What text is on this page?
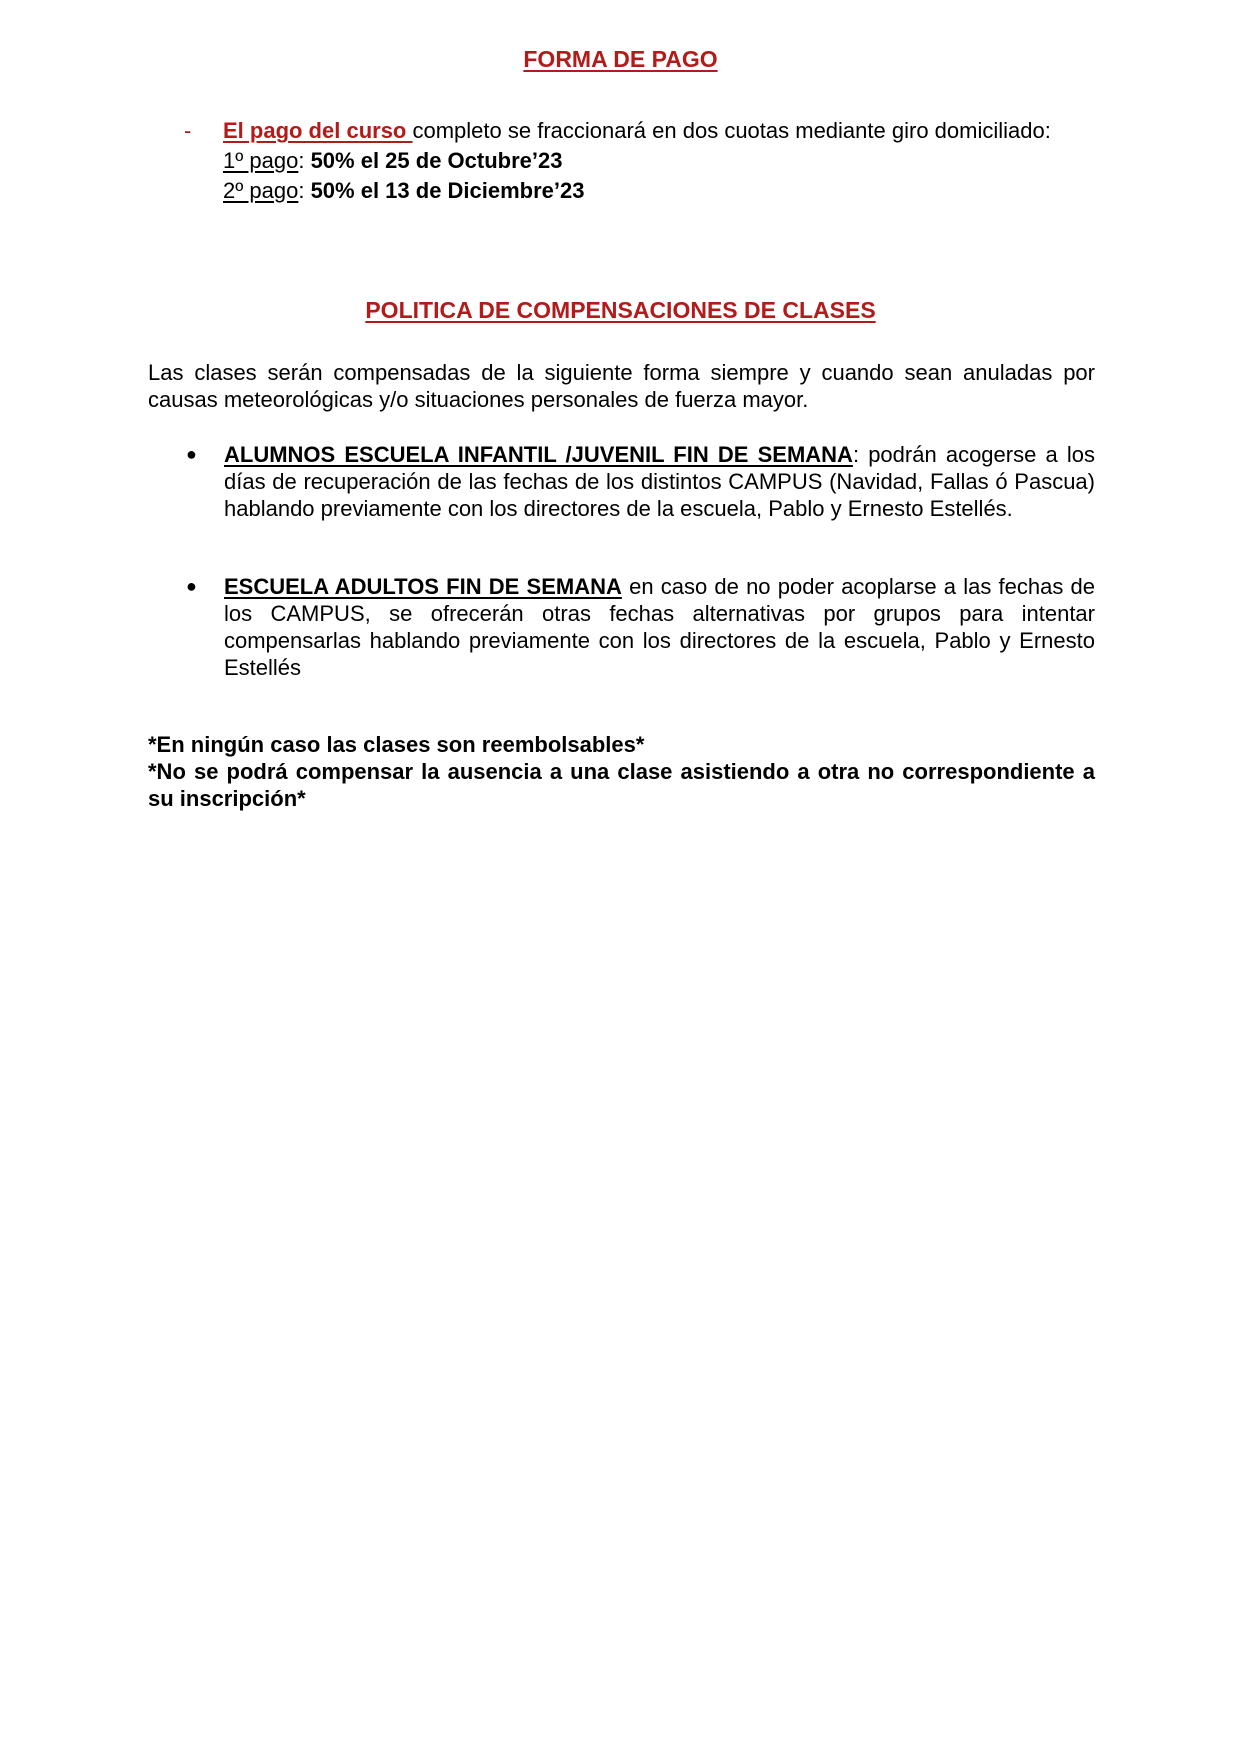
FORMA DE PAGO
- El pago del curso completo se fraccionará en dos cuotas mediante giro domiciliado:
1º pago: 50% el 25 de Octubre’23
2º pago: 50% el 13 de Diciembre’23
POLITICA DE COMPENSACIONES DE CLASES
Las clases serán compensadas de la siguiente forma siempre y cuando sean anuladas por causas meteorológicas y/o situaciones personales de fuerza mayor.
● ALUMNOS ESCUELA INFANTIL /JUVENIL FIN DE SEMANA: podrán acogerse a los días de recuperación de las fechas de los distintos CAMPUS (Navidad, Fallas ó Pascua) hablando previamente con los directores de la escuela, Pablo y Ernesto Estellés.
● ESCUELA ADULTOS FIN DE SEMANA en caso de no poder acoplarse a las fechas de los CAMPUS, se ofrecerán otras fechas alternativas por grupos para intentar compensarlas hablando previamente con los directores de la escuela, Pablo y Ernesto Estellés
*En ningún caso las clases son reembolsables*
*No se podrá compensar la ausencia a una clase asistiendo a otra no correspondiente a su inscripción*
